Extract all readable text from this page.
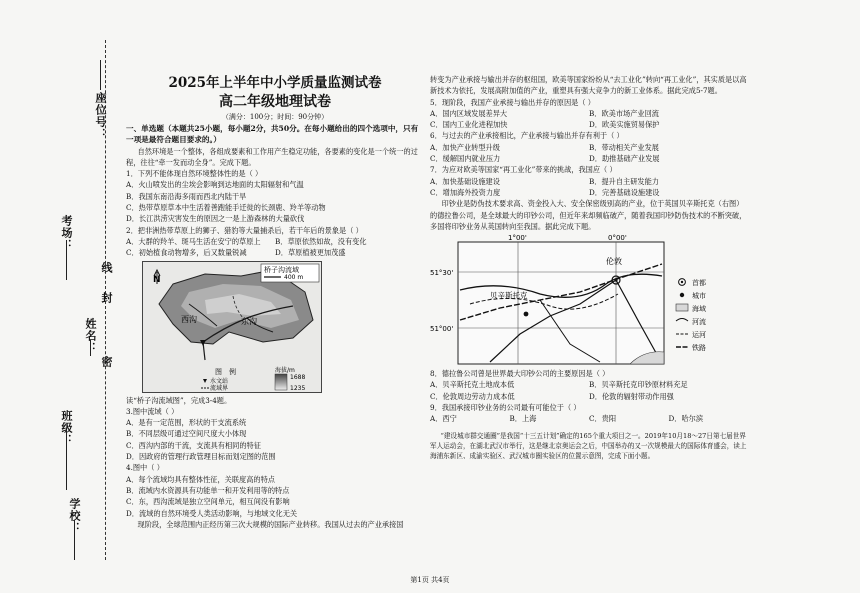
座位号：
考场：
线
封
姓名：
密
班级：
学校：

2025年上半年中小学质量监测试卷

高二年级地理试卷

（满分：100分；时间：90分钟）

一、单选题（本题共25小题，每小题2分，共50分。在每小题给出的四个选项中，只有一项是最符合题目要求的。）

自然环境是一个整体，各组成要素和工作用产生稳定功能，各要素的变化是一个统一的过程，往往“牵一发而动全身”。完成下题。

1．下列不能体现自然环境整体性的是（ ）

A．火山喷发出的尘埃会影响到达地面的太阳辐射和气温

B．我国东南沿海多雨而西北内陆干旱

C．热带草原草本中生活着善跑能手迁徙的长颈鹿、羚羊等动物

D．长江洪涝灾害发生的原因之一是上游森林的大量砍伐

2．把非洲热带草原上的狮子、猎豹等大量捕杀后，若干年后的景象是（ ）

A．大群的羚羊、斑马生活在安宁的草原上	B．草原依然如故，没有变化
C．初始植食动物增多，后又数量锐减	D．草原植被更加茂盛
N
桥子沟流域
400 m
西沟	东沟
图　例
水文站
流域界
海拔/m
1688
1235

读“桥子沟流域图”，完成3-4题。

3.图中流域（ ）

A．是有一定范围，形状的干支流系统

B．不同层级可通过空间尺度大小体现

C．西沟内部的干流，支流具有相同的特征

D．因政府的管理行政管理目标而划定图的范围

4.图中（ ）

A．每个流域均具有整体性征，关联度高的特点

B．流域内水资源具有功能单一和开发利用等的特点

C．东，西沟流域是独立空间单元，相互间没有影响

D．流域的自然环境受人类活动影响，与地域文化无关

现阶段，全球范围内正经历第三次大规模的国际产业转移。我国从过去的产业承接国

转变为产业承接与输出并存的枢纽国，欧美等国家纷纷从“去工业化”转向“再工业化”，其实质是以高新技术为依托，发展高附加值的产业，重塑具有强大竞争力的新工业体系。据此完成5-7题。

5．现阶段，我国产业承接与输出并存的原因是（ ）

A．国内区域发展差异大	B．欧美市场产业回流
C．国内工业化进程加快	D．欧美实施贸易保护

6．与过去的产业承接相比，产业承接与输出并存有利于（ ）

A．加快产业转型升级	B．带动相关产业发展
C．缓解国内就业压力	D．助推基础产业发展

7．为应对欧美等国家“再工业化”带来的挑战，我国应（ ）

A．加快基础设施建设	B．提升自主研发能力
C．增加海外投资力度	D．完善基础设施建设

印钞业是防伪技术要求高、资金投入大、安全保密级别高的产业，位于英国贝辛斯托克（右图）的德拉鲁公司，是全球最大的印钞公司，但近年来却频临破产，随着我国印钞防伪技术的不断突破，多国将印钞业务从英国转向至我国。据此完成下题。

1°00'	0°00'
51°30'
51°00'
伦敦
贝辛斯托克
首都
城市
海域
河流
运河
铁路

8．德拉鲁公司曾是世界最大印钞公司的主要原因是（ ）

A．贝辛斯托克土地成本低	B．贝辛斯托克印钞原材料充足
C．伦敦周边劳动力成本低	D．伦敦的辐射带动作用强

9．我国承接印钞业务的公司最有可能位于（ ）

A．西宁	B．上海	C．贵阳	D．哈尔滨

“建设城市群交通圈”是我国“十三五计划”确定的165个重大项目之一。2019年10月18～27日第七届世界军人运动会，在湖北武汉市举行，这是继北京奥运会之后，中国举办的又一次规模最大的国际体育盛会，读上海浦东新区、成渝实验区、武汉城市圈实验区的位置示意图，完成下面小题。

第1页 共4页
